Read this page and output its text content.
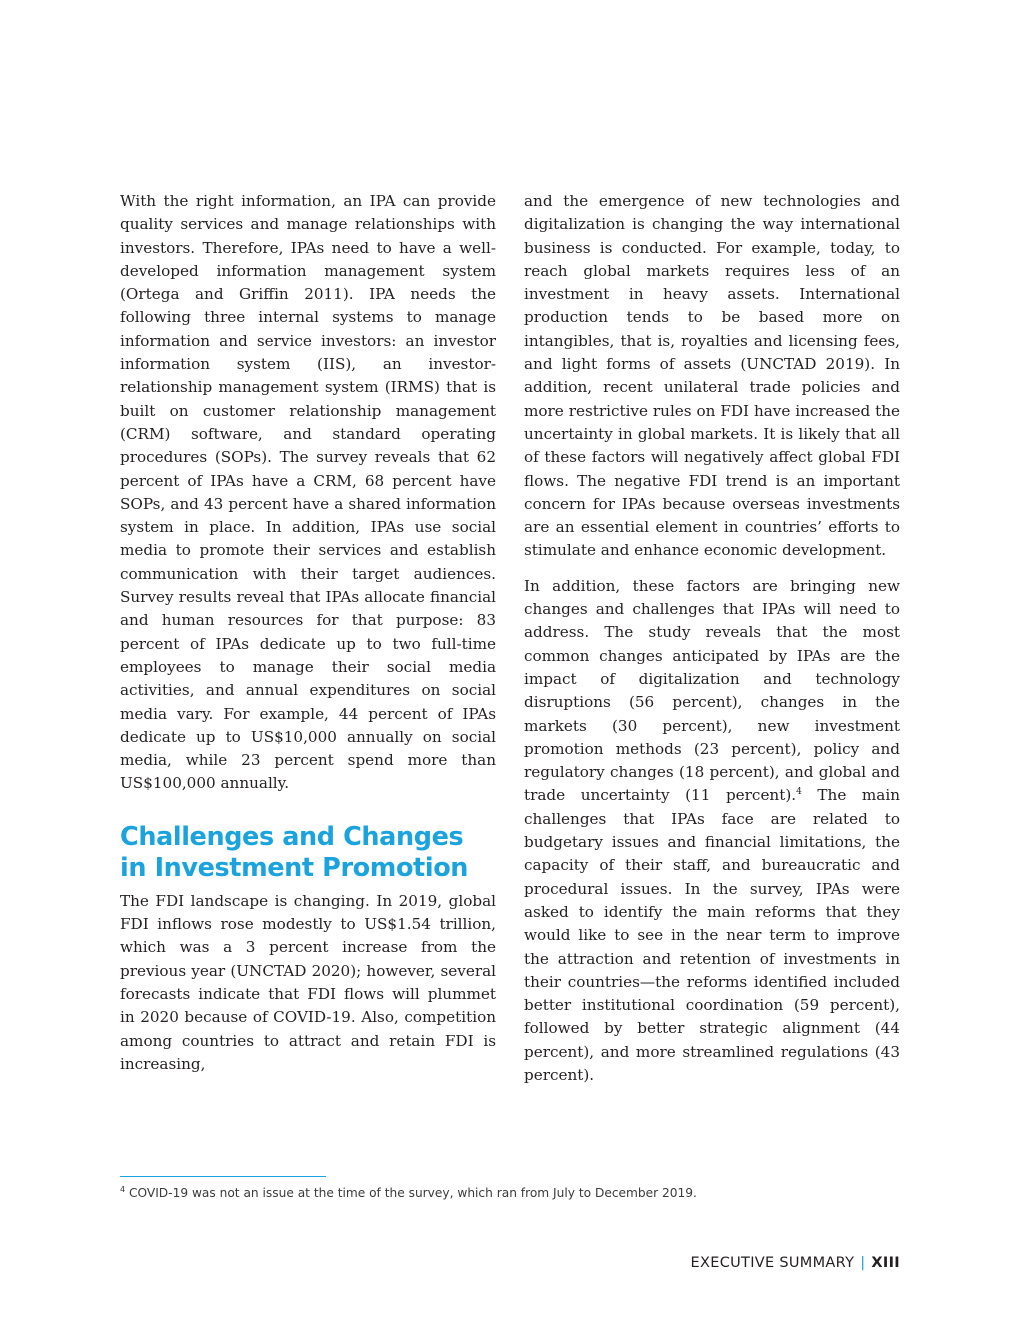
With the right information, an IPA can provide quality services and manage relationships with investors. Therefore, IPAs need to have a well-developed information management system (Ortega and Griffin 2011). IPA needs the following three internal systems to manage information and service investors: an investor information system (IIS), an investor-relationship management system (IRMS) that is built on customer relationship management (CRM) software, and standard operating procedures (SOPs). The survey reveals that 62 percent of IPAs have a CRM, 68 percent have SOPs, and 43 percent have a shared information system in place. In addition, IPAs use social media to promote their services and establish communication with their target audiences. Survey results reveal that IPAs allocate financial and human resources for that purpose: 83 percent of IPAs dedicate up to two full-time employees to manage their social media activities, and annual expenditures on social media vary. For example, 44 percent of IPAs dedicate up to US$10,000 annually on social media, while 23 percent spend more than US$100,000 annually.

Challenges and Changes in Investment Promotion

The FDI landscape is changing. In 2019, global FDI inflows rose modestly to US$1.54 trillion, which was a 3 percent increase from the previous year (UNCTAD 2020); however, several forecasts indicate that FDI flows will plummet in 2020 because of COVID-19. Also, competition among countries to attract and retain FDI is increasing,

and the emergence of new technologies and digitalization is changing the way international business is conducted. For example, today, to reach global markets requires less of an investment in heavy assets. International production tends to be based more on intangibles, that is, royalties and licensing fees, and light forms of assets (UNCTAD 2019). In addition, recent unilateral trade policies and more restrictive rules on FDI have increased the uncertainty in global markets. It is likely that all of these factors will negatively affect global FDI flows. The negative FDI trend is an important concern for IPAs because overseas investments are an essential element in countries’ efforts to stimulate and enhance economic development.

In addition, these factors are bringing new changes and challenges that IPAs will need to address. The study reveals that the most common changes anticipated by IPAs are the impact of digitalization and technology disruptions (56 percent), changes in the markets (30 percent), new investment promotion methods (23 percent), policy and regulatory changes (18 percent), and global and trade uncertainty (11 percent).$^4$ The main challenges that IPAs face are related to budgetary issues and financial limitations, the capacity of their staff, and bureaucratic and procedural issues. In the survey, IPAs were asked to identify the main reforms that they would like to see in the near term to improve the attraction and retention of investments in their countries—the reforms identified included better institutional coordination (59 percent), followed by better strategic alignment (44 percent), and more streamlined regulations (43 percent).

$^4$ COVID-19 was not an issue at the time of the survey, which ran from July to December 2019.

EXECUTIVE SUMMARY | XIII
